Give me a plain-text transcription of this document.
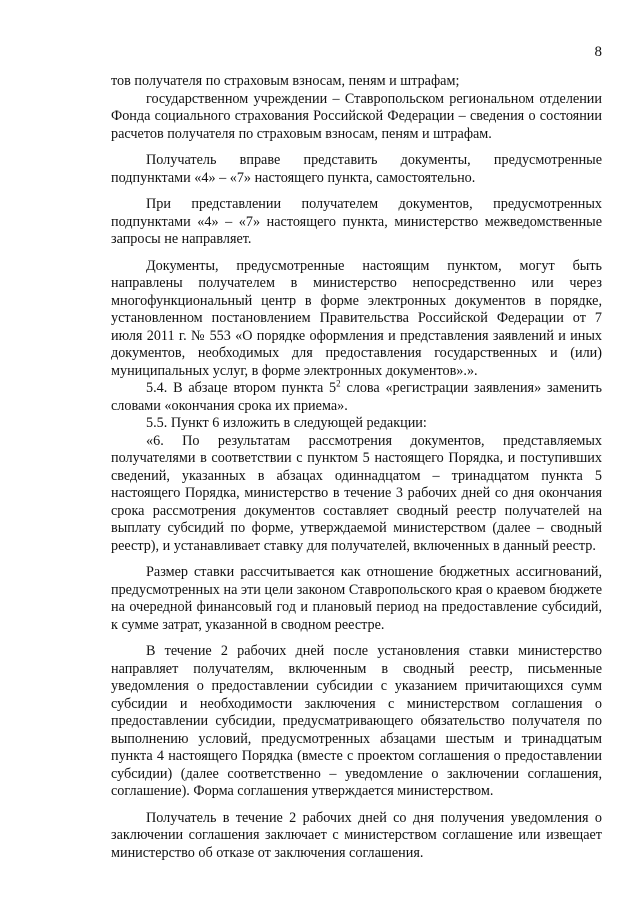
8

тов получателя по страховым взносам, пеням и штрафам;

государственном учреждении – Ставропольском региональном отделении Фонда социального страхования Российской Федерации – сведения о состоянии расчетов получателя по страховым взносам, пеням и штрафам.

Получатель вправе представить документы, предусмотренные подпунктами «4» – «7» настоящего пункта, самостоятельно.

При представлении получателем документов, предусмотренных подпунктами «4» – «7» настоящего пункта, министерство межведомственные запросы не направляет.

Документы, предусмотренные настоящим пунктом, могут быть направлены получателем в министерство непосредственно или через многофункциональный центр в форме электронных документов в порядке, установленном постановлением Правительства Российской Федерации от 7 июля 2011 г. № 553 «О порядке оформления и представления заявлений и иных документов, необходимых для предоставления государственных и (или) муниципальных услуг, в форме электронных документов».».

5.4. В абзаце втором пункта $5^2$ слова «регистрации заявления» заменить словами «окончания срока их приема».

5.5. Пункт 6 изложить в следующей редакции:

«6. По результатам рассмотрения документов, представляемых получателями в соответствии с пунктом 5 настоящего Порядка, и поступивших сведений, указанных в абзацах одиннадцатом – тринадцатом пункта 5 настоящего Порядка, министерство в течение 3 рабочих дней со дня окончания срока рассмотрения документов составляет сводный реестр получателей на выплату субсидий по форме, утверждаемой министерством (далее – сводный реестр), и устанавливает ставку для получателей, включенных в данный реестр.

Размер ставки рассчитывается как отношение бюджетных ассигнований, предусмотренных на эти цели законом Ставропольского края о краевом бюджете на очередной финансовый год и плановый период на предоставление субсидий, к сумме затрат, указанной в сводном реестре.

В течение 2 рабочих дней после установления ставки министерство направляет получателям, включенным в сводный реестр, письменные уведомления о предоставлении субсидии с указанием причитающихся сумм субсидии и необходимости заключения с министерством соглашения о предоставлении субсидии, предусматривающего обязательство получателя по выполнению условий, предусмотренных абзацами шестым и тринадцатым пункта 4 настоящего Порядка (вместе с проектом соглашения о предоставлении субсидии) (далее соответственно – уведомление о заключении соглашения, соглашение). Форма соглашения утверждается министерством.

Получатель в течение 2 рабочих дней со дня получения уведомления о заключении соглашения заключает с министерством соглашение или извещает министерство об отказе от заключения соглашения.
